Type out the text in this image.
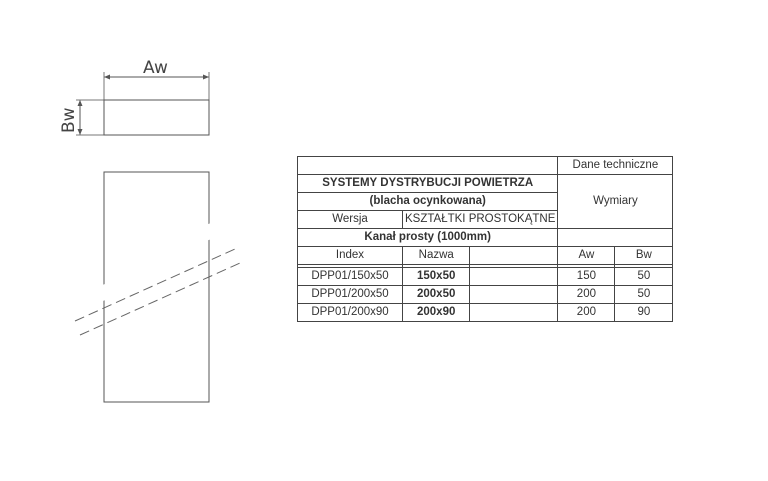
Aw
Bw
			Dane techniczne	
SYSTEMY DYSTRYBUCJI POWIETRZA			Wymiary	
(blacha ocynkowana)				
Wersja	KSZTAŁTKI PROSTOKĄTNE			
Kanał prosty (1000mm)				
Index	Nazwa		Aw	Bw

DPP01/150x50	150x50		150	50
DPP01/200x50	200x50		200	50
DPP01/200x90	200x90		200	90
